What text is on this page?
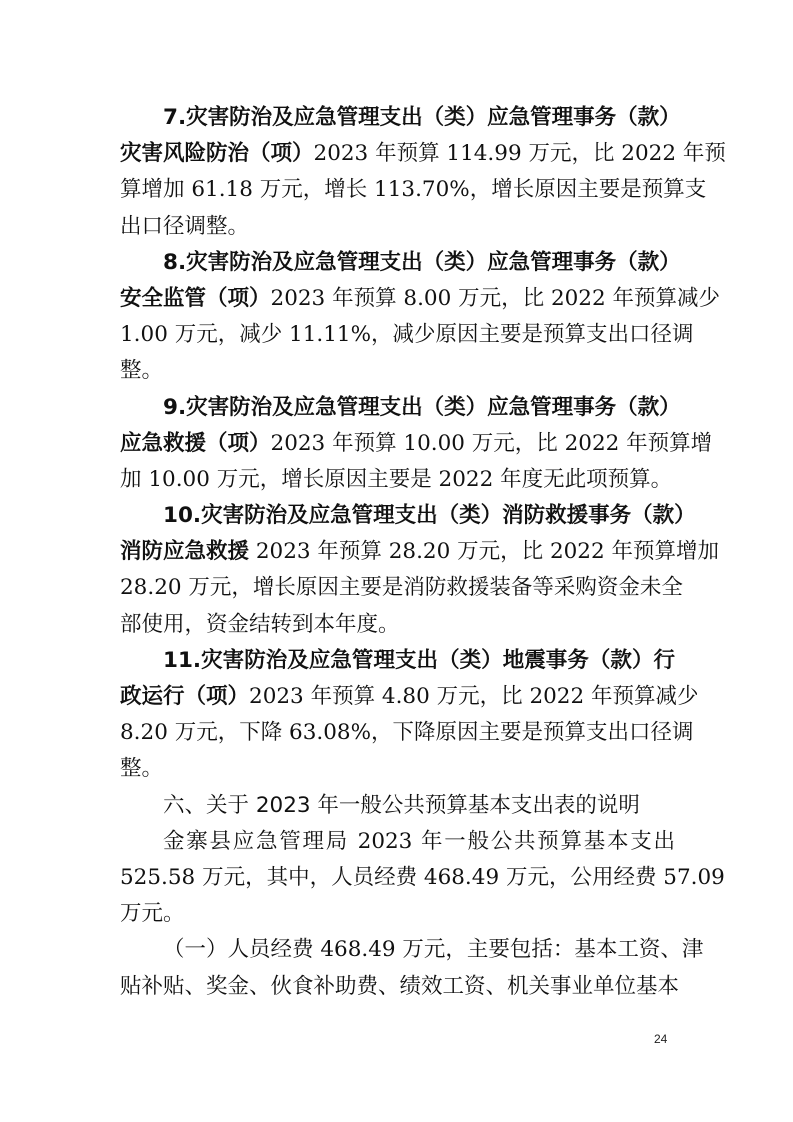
7.灾害防治及应急管理支出（类）应急管理事务（款）
灾害风险防治（项）2023 年预算 114.99 万元，比 2022 年预
算增加 61.18 万元，增长 113.70%，增长原因主要是预算支
出口径调整。
8.灾害防治及应急管理支出（类）应急管理事务（款）
安全监管（项）2023 年预算 8.00 万元，比 2022 年预算减少
1.00 万元，减少 11.11%，减少原因主要是预算支出口径调
整。
9.灾害防治及应急管理支出（类）应急管理事务（款）
应急救援（项）2023 年预算 10.00 万元，比 2022 年预算增
加 10.00 万元，增长原因主要是 2022 年度无此项预算。
10.灾害防治及应急管理支出（类）消防救援事务（款）
消防应急救援 2023 年预算 28.20 万元，比 2022 年预算增加
28.20 万元，增长原因主要是消防救援装备等采购资金未全
部使用，资金结转到本年度。
11.灾害防治及应急管理支出（类）地震事务（款）行
政运行（项）2023 年预算 4.80 万元，比 2022 年预算减少
8.20 万元，下降 63.08%，下降原因主要是预算支出口径调
整。
六、关于 2023 年一般公共预算基本支出表的说明
金寨县应急管理局 2023 年一般公共预算基本支出
525.58 万元，其中，人员经费 468.49 万元，公用经费 57.09
万元。
（一）人员经费 468.49 万元，主要包括：基本工资、津
贴补贴、奖金、伙食补助费、绩效工资、机关事业单位基本
24
